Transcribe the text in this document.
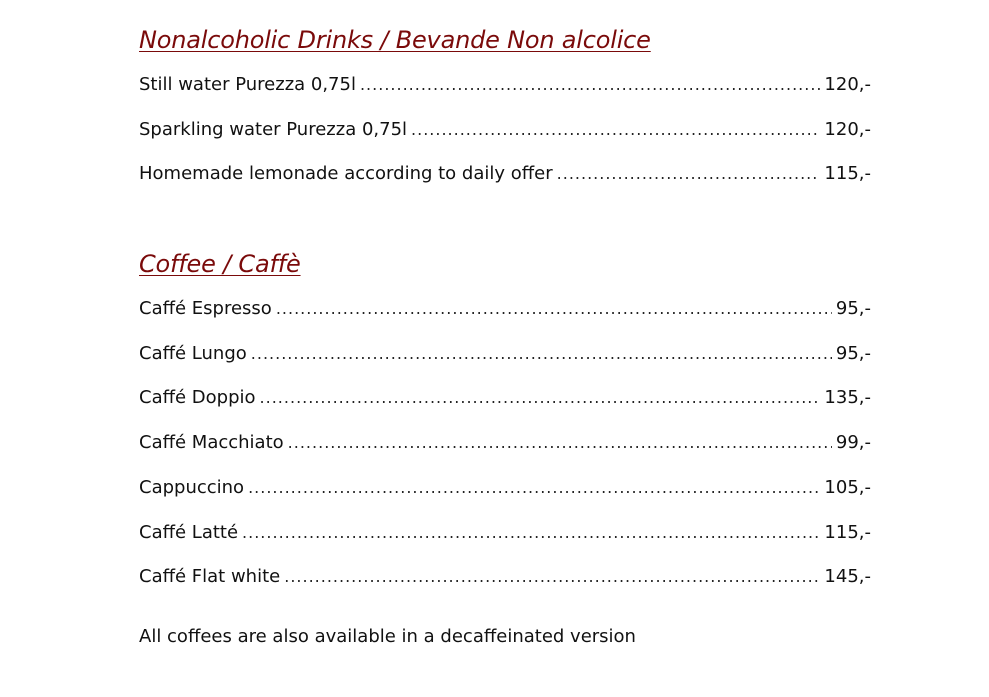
Nonalcoholic Drinks / Bevande Non alcolice
Still water Purezza 0,75l .....	120,-
Sparkling water Purezza 0,75l .....	120,-
Homemade lemonade according to daily offer .....	115,-
Coffee / Caffè
Caffé Espresso .....	95,-
Caffé Lungo .....	95,-
Caffé Doppio .....	135,-
Caffé Macchiato .....	99,-
Cappuccino .....	105,-
Caffé Latté .....	115,-
Caffé Flat white .....	145,-

All coffees are also available in a decaffeinated version
